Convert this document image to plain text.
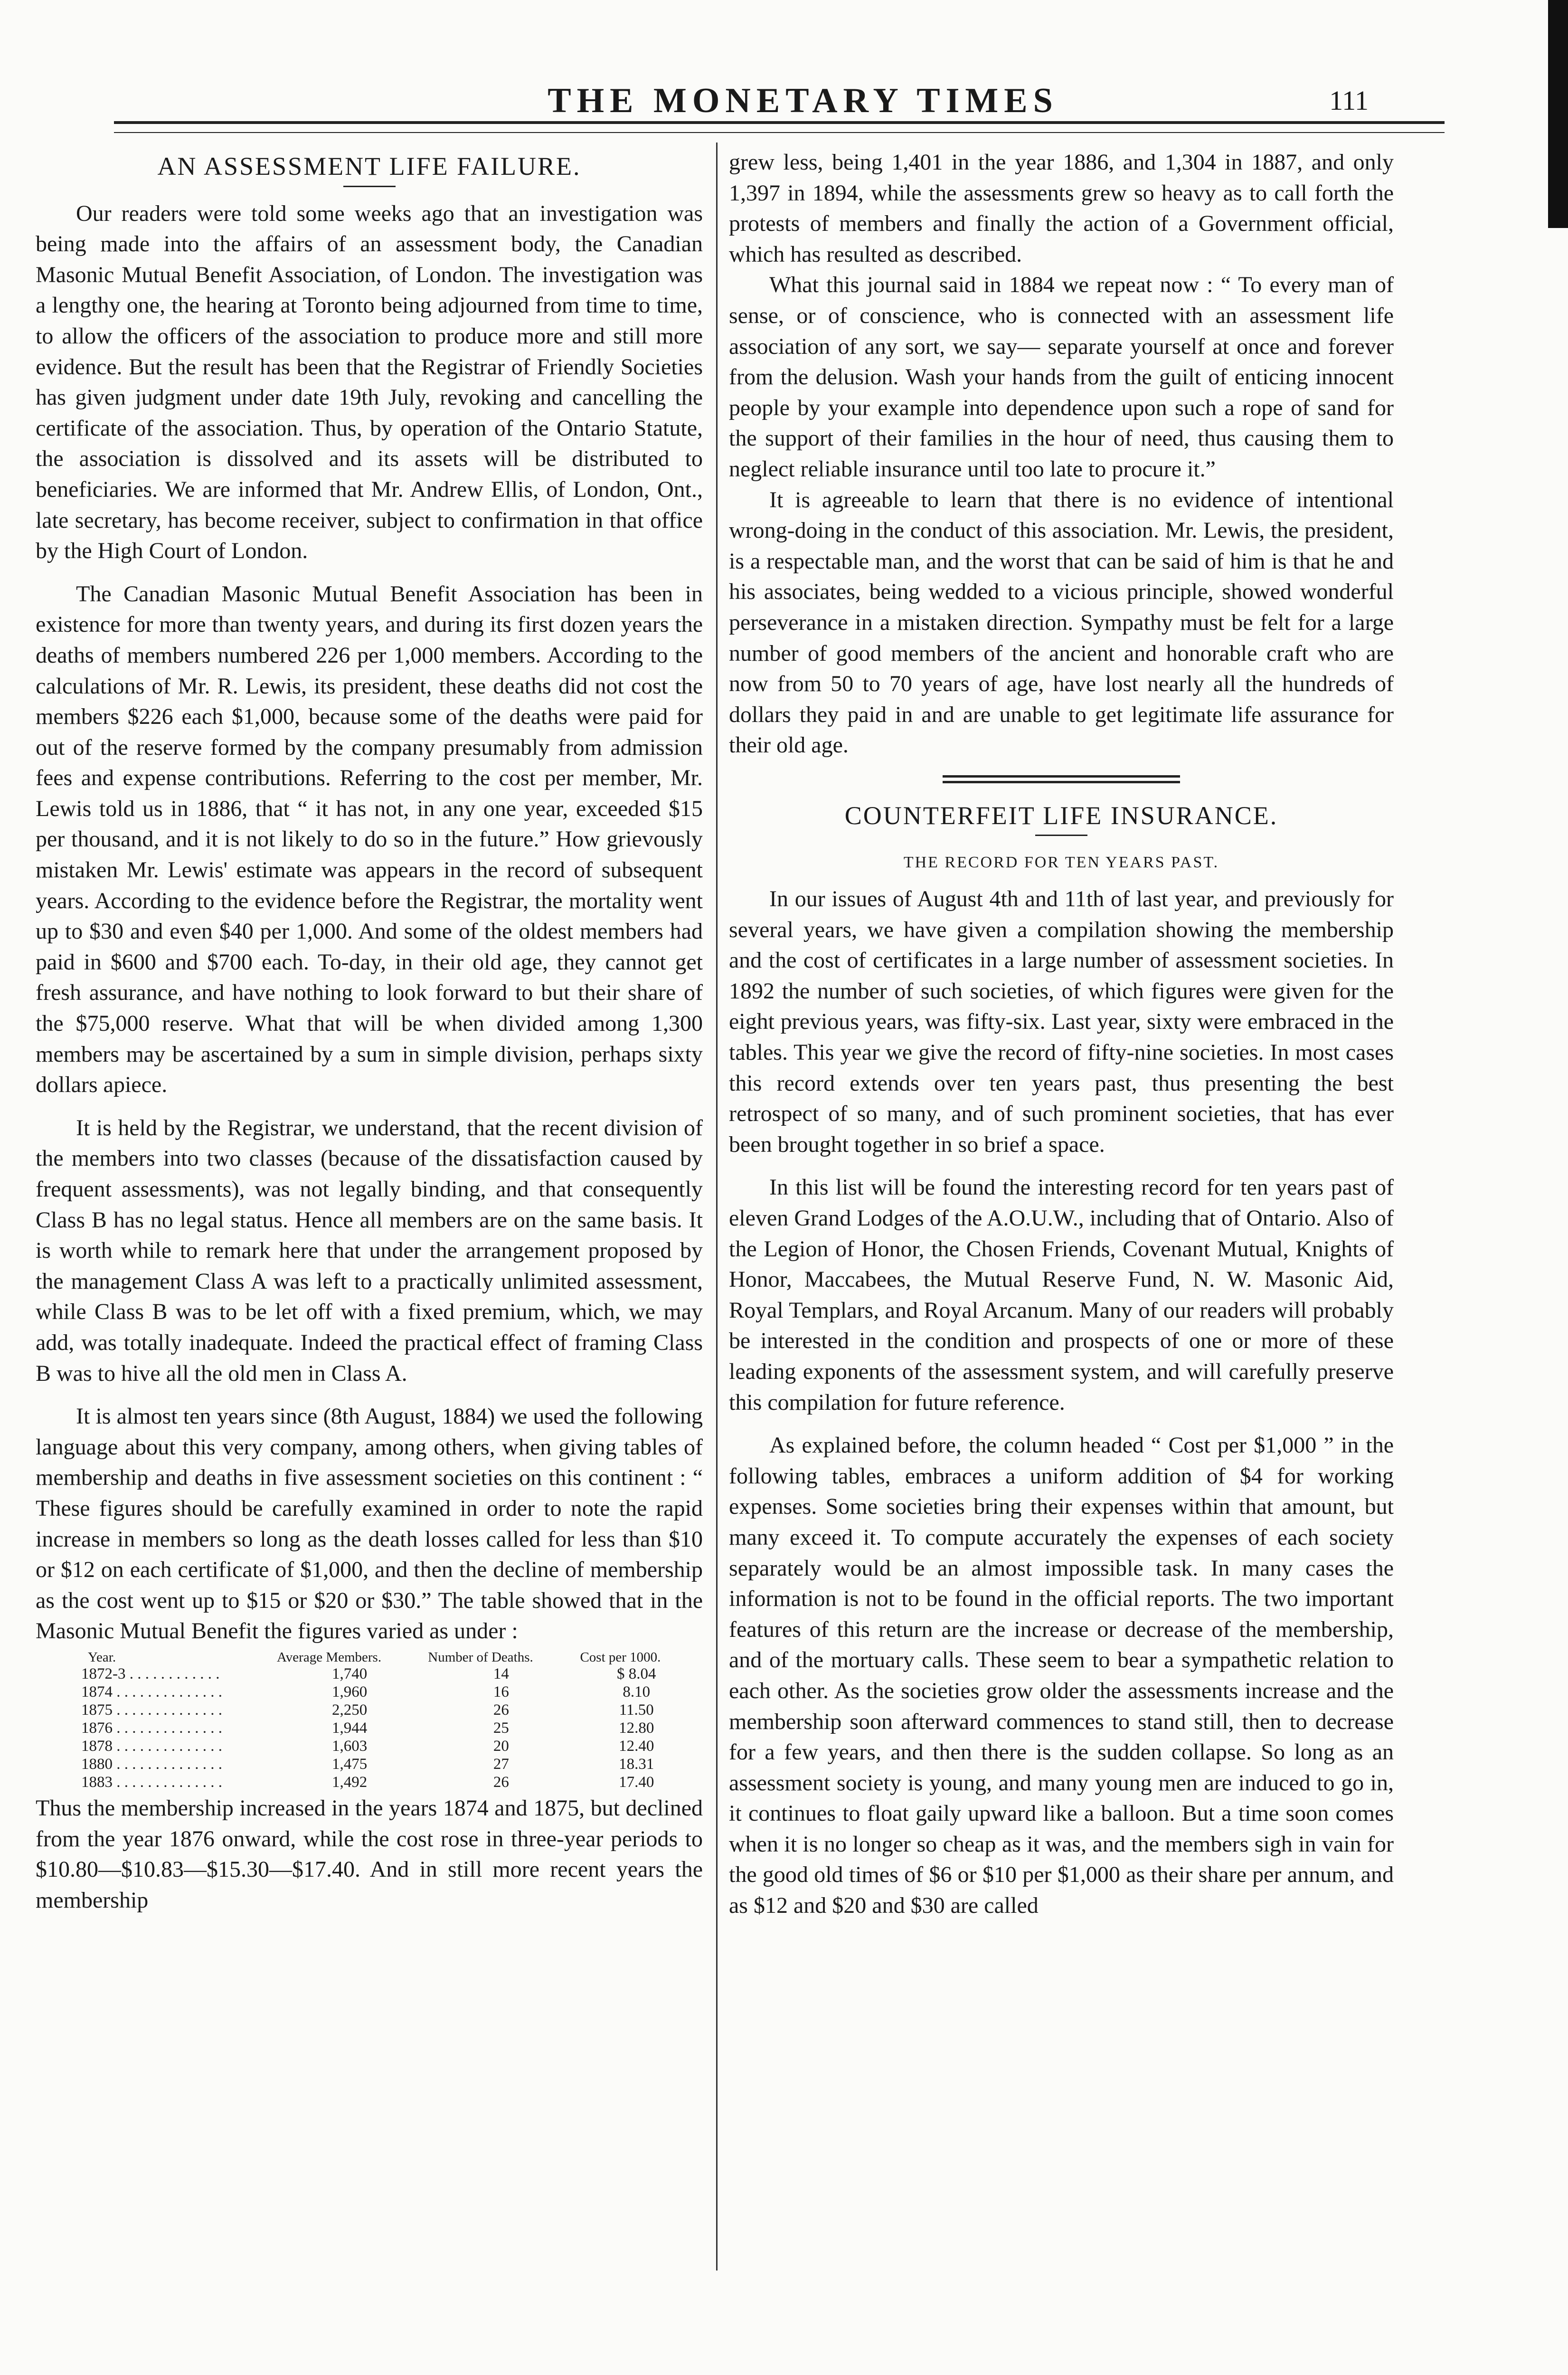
THE MONETARY TIMES	111
AN ASSESSMENT LIFE FAILURE.

Our readers were told some weeks ago that an investigation was being made into the affairs of an assessment body, the Canadian Masonic Mutual Benefit Association, of London. The investigation was a lengthy one, the hearing at Toronto being adjourned from time to time, to allow the officers of the association to produce more and still more evidence. But the result has been that the Registrar of Friendly Societies has given judgment under date 19th July, revoking and cancelling the certificate of the association. Thus, by operation of the Ontario Statute, the association is dissolved and its assets will be distributed to beneficiaries. We are informed that Mr. Andrew Ellis, of London, Ont., late secretary, has become receiver, subject to confirmation in that office by the High Court of London.

The Canadian Masonic Mutual Benefit Association has been in existence for more than twenty years, and during its first dozen years the deaths of members numbered 226 per 1,000 members. According to the calculations of Mr. R. Lewis, its president, these deaths did not cost the members $226 each $1,000, because some of the deaths were paid for out of the reserve formed by the company presumably from admission fees and expense contributions. Referring to the cost per member, Mr. Lewis told us in 1886, that “ it has not, in any one year, exceeded $15 per thousand, and it is not likely to do so in the future.” How grievously mistaken Mr. Lewis' estimate was appears in the record of subsequent years. According to the evidence before the Registrar, the mortality went up to $30 and even $40 per 1,000. And some of the oldest members had paid in $600 and $700 each. To-day, in their old age, they cannot get fresh assurance, and have nothing to look forward to but their share of the $75,000 reserve. What that will be when divided among 1,300 members may be ascertained by a sum in simple division, perhaps sixty dollars apiece.

It is held by the Registrar, we understand, that the recent division of the members into two classes (because of the dissatisfaction caused by frequent assessments), was not legally binding, and that consequently Class B has no legal status. Hence all members are on the same basis. It is worth while to remark here that under the arrangement proposed by the management Class A was left to a practically unlimited assessment, while Class B was to be let off with a fixed premium, which, we may add, was totally inadequate. Indeed the practical effect of framing Class B was to hive all the old men in Class A.

It is almost ten years since (8th August, 1884) we used the following language about this very company, among others, when giving tables of membership and deaths in five assessment societies on this continent : “ These figures should be carefully examined in order to note the rapid increase in members so long as the death losses called for less than $10 or $12 on each certificate of $1,000, and then the decline of membership as the cost went up to $15 or $20 or $30.” The table showed that in the Masonic Mutual Benefit the figures varied as under :

Year.	Average Members.	Number of Deaths.	Cost per 1000.
1872-3 . . . . . . . . . . . .	1,740	14	$ 8.04
1874 . . . . . . . . . . . . . .	1,960	16	8.10
1875 . . . . . . . . . . . . . .	2,250	26	11.50
1876 . . . . . . . . . . . . . .	1,944	25	12.80
1878 . . . . . . . . . . . . . .	1,603	20	12.40
1880 . . . . . . . . . . . . . .	1,475	27	18.31
1883 . . . . . . . . . . . . . .	1,492	26	17.40

Thus the membership increased in the years 1874 and 1875, but declined from the year 1876 onward, while the cost rose in three-year periods to $10.80—$10.83—$15.30—$17.40. And in still more recent years the membership

grew less, being 1,401 in the year 1886, and 1,304 in 1887, and only 1,397 in 1894, while the assessments grew so heavy as to call forth the protests of members and finally the action of a Government official, which has resulted as described.

What this journal said in 1884 we repeat now : “ To every man of sense, or of conscience, who is connected with an assessment life association of any sort, we say— separate yourself at once and forever from the delusion. Wash your hands from the guilt of enticing innocent people by your example into dependence upon such a rope of sand for the support of their families in the hour of need, thus causing them to neglect reliable insurance until too late to procure it.”

It is agreeable to learn that there is no evidence of intentional wrong-doing in the conduct of this association. Mr. Lewis, the president, is a respectable man, and the worst that can be said of him is that he and his associates, being wedded to a vicious principle, showed wonderful perseverance in a mistaken direction. Sympathy must be felt for a large number of good members of the ancient and honorable craft who are now from 50 to 70 years of age, have lost nearly all the hundreds of dollars they paid in and are unable to get legitimate life assurance for their old age.

COUNTERFEIT LIFE INSURANCE.
THE RECORD FOR TEN YEARS PAST.

In our issues of August 4th and 11th of last year, and previously for several years, we have given a compilation showing the membership and the cost of certificates in a large number of assessment societies. In 1892 the number of such societies, of which figures were given for the eight previous years, was fifty-six. Last year, sixty were embraced in the tables. This year we give the record of fifty-nine societies. In most cases this record extends over ten years past, thus presenting the best retrospect of so many, and of such prominent societies, that has ever been brought together in so brief a space.

In this list will be found the interesting record for ten years past of eleven Grand Lodges of the A.O.U.W., including that of Ontario. Also of the Legion of Honor, the Chosen Friends, Covenant Mutual, Knights of Honor, Maccabees, the Mutual Reserve Fund, N. W. Masonic Aid, Royal Templars, and Royal Arcanum. Many of our readers will probably be interested in the condition and prospects of one or more of these leading exponents of the assessment system, and will carefully preserve this compilation for future reference.

As explained before, the column headed “ Cost per $1,000 ” in the following tables, embraces a uniform addition of $4 for working expenses. Some societies bring their expenses within that amount, but many exceed it. To compute accurately the expenses of each society separately would be an almost impossible task. In many cases the information is not to be found in the official reports. The two important features of this return are the increase or decrease of the membership, and of the mortuary calls. These seem to bear a sympathetic relation to each other. As the societies grow older the assessments increase and the membership soon afterward commences to stand still, then to decrease for a few years, and then there is the sudden collapse. So long as an assessment society is young, and many young men are induced to go in, it continues to float gaily upward like a balloon. But a time soon comes when it is no longer so cheap as it was, and the members sigh in vain for the good old times of $6 or $10 per $1,000 as their share per annum, and as $12 and $20 and $30 are called
